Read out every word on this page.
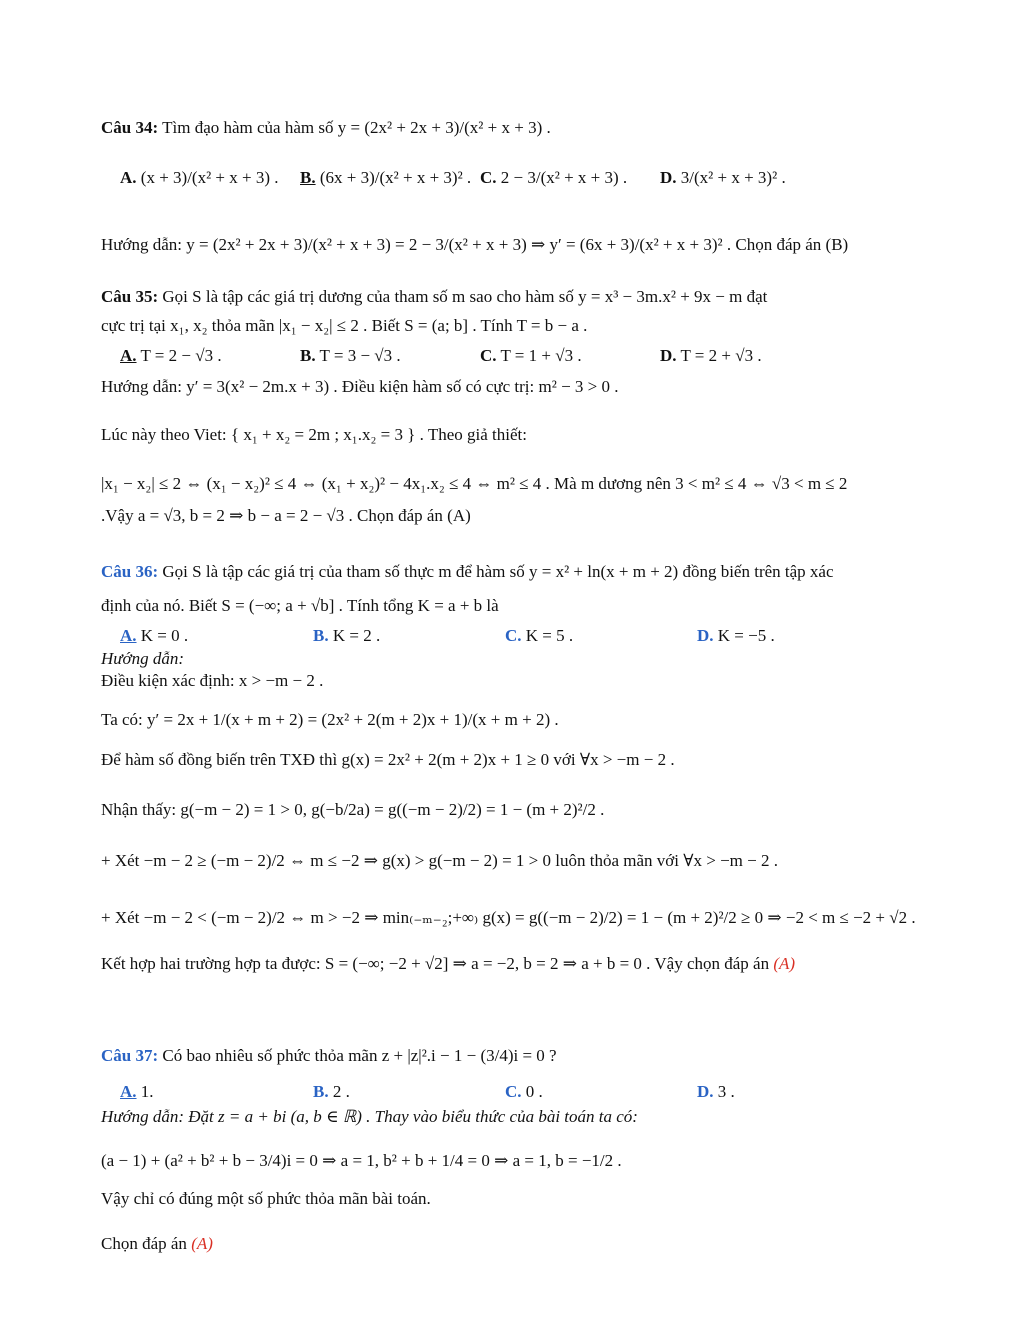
Câu 34: Tìm đạo hàm của hàm số y = (2x² + 2x + 3)/(x² + x + 3) .
A. (x + 3)/(x² + x + 3) . B. (6x + 3)/(x² + x + 3)² . C. 2 − 3/(x² + x + 3) . D. 3/(x² + x + 3)² .
Hướng dẫn: y = (2x² + 2x + 3)/(x² + x + 3) = 2 − 3/(x² + x + 3) ⇒ y′ = (6x + 3)/(x² + x + 3)² . Chọn đáp án (B)
Câu 35: Gọi S là tập các giá trị dương của tham số m sao cho hàm số y = x³ − 3m.x² + 9x − m đạt
cực trị tại x₁, x₂ thỏa mãn |x₁ − x₂| ≤ 2 . Biết S = (a; b] . Tính T = b − a .
A. T = 2 − √3 .	B. T = 3 − √3 .	C. T = 1 + √3 .	D. T = 2 + √3 .
Hướng dẫn: y′ = 3(x² − 2m.x + 3) . Điều kiện hàm số có cực trị: m² − 3 > 0 .
Lúc này theo Viet: { x₁ + x₂ = 2m ; x₁.x₂ = 3 } . Theo giả thiết:
|x₁ − x₂| ≤ 2 ⇔ (x₁ − x₂)² ≤ 4 ⇔ (x₁ + x₂)² − 4x₁.x₂ ≤ 4 ⇔ m² ≤ 4 . Mà m dương nên 3 < m² ≤ 4 ⇔ √3 < m ≤ 2
.Vậy a = √3, b = 2 ⇒ b − a = 2 − √3 . Chọn đáp án (A)
Câu 36: Gọi S là tập các giá trị của tham số thực m để hàm số y = x² + ln(x + m + 2) đồng biến trên tập xác
định của nó. Biết S = (−∞; a + √b] . Tính tổng K = a + b là
A. K = 0 .	B. K = 2 .	C. K = 5 .	D. K = −5 .
Hướng dẫn:
Điều kiện xác định: x > −m − 2 .
Ta có: y′ = 2x + 1/(x + m + 2) = (2x² + 2(m + 2)x + 1)/(x + m + 2) .
Để hàm số đồng biến trên TXĐ thì g(x) = 2x² + 2(m + 2)x + 1 ≥ 0 với ∀x > −m − 2 .
Nhận thấy: g(−m − 2) = 1 > 0, g(−b/2a) = g((−m − 2)/2) = 1 − (m + 2)²/2 .
+ Xét −m − 2 ≥ (−m − 2)/2 ⇔ m ≤ −2 ⇒ g(x) > g(−m − 2) = 1 > 0 luôn thỏa mãn với ∀x > −m − 2 .
+ Xét −m − 2 < (−m − 2)/2 ⇔ m > −2 ⇒ min₍₋ₘ₋₂;+∞₎ g(x) = g((−m − 2)/2) = 1 − (m + 2)²/2 ≥ 0 ⇒ −2 < m ≤ −2 + √2 .
Kết hợp hai trường hợp ta được: S = (−∞; −2 + √2] ⇒ a = −2, b = 2 ⇒ a + b = 0 . Vậy chọn đáp án (A)
Câu 37: Có bao nhiêu số phức thỏa mãn z + |z|².i − 1 − (3/4)i = 0 ?
A. 1.	B. 2 .	C. 0 .	D. 3 .
Hướng dẫn: Đặt z = a + bi (a, b ∈ ℝ) . Thay vào biểu thức của bài toán ta có:
(a − 1) + (a² + b² + b − 3/4)i = 0 ⇒ a = 1, b² + b + 1/4 = 0 ⇒ a = 1, b = −1/2 .
Vậy chỉ có đúng một số phức thỏa mãn bài toán.
Chọn đáp án (A)
